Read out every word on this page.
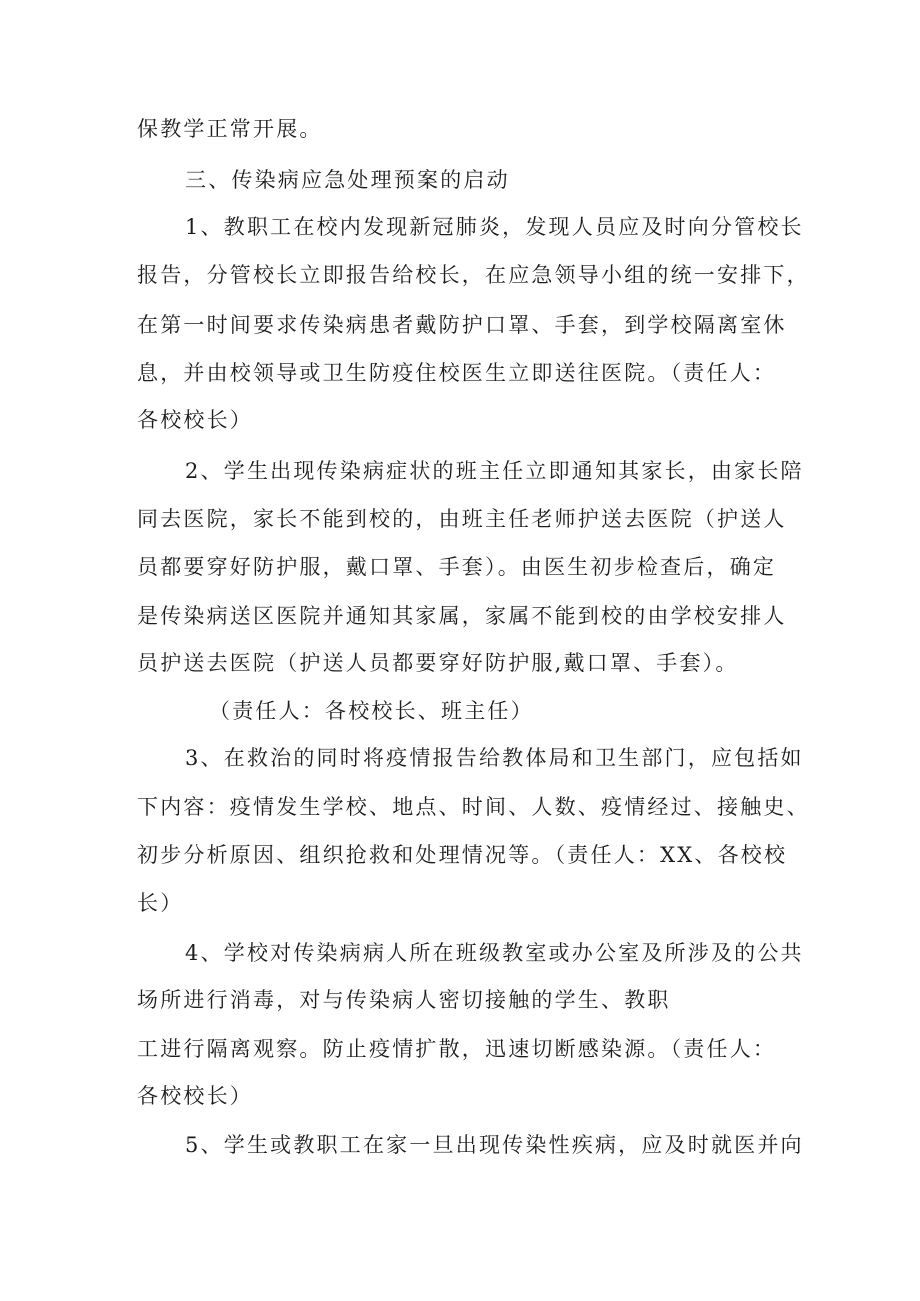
保教学正常开展。
三、传染病应急处理预案的启动
1、教职工在校内发现新冠肺炎，发现人员应及时向分管校长
报告，分管校长立即报告给校长，在应急领导小组的统一安排下，
在第一时间要求传染病患者戴防护口罩、手套，到学校隔离室休
息，并由校领导或卫生防疫住校医生立即送往医院。（责任人：
各校校长）
2、学生出现传染病症状的班主任立即通知其家长，由家长陪
同去医院，家长不能到校的，由班主任老师护送去医院（护送人
员都要穿好防护服，戴口罩、手套）。由医生初步检查后，确定
是传染病送区医院并通知其家属，家属不能到校的由学校安排人
员护送去医院（护送人员都要穿好防护服,戴口罩、手套）。
（责任人：各校校长、班主任）
3、在救治的同时将疫情报告给教体局和卫生部门，应包括如
下内容：疫情发生学校、地点、时间、人数、疫情经过、接触史、
初步分析原因、组织抢救和处理情况等。（责任人：XX、各校校
长）
4、学校对传染病病人所在班级教室或办公室及所涉及的公共
场所进行消毒，对与传染病人密切接触的学生、教职
工进行隔离观察。防止疫情扩散，迅速切断感染源。（责任人：
各校校长）
5、学生或教职工在家一旦出现传染性疾病，应及时就医并向
